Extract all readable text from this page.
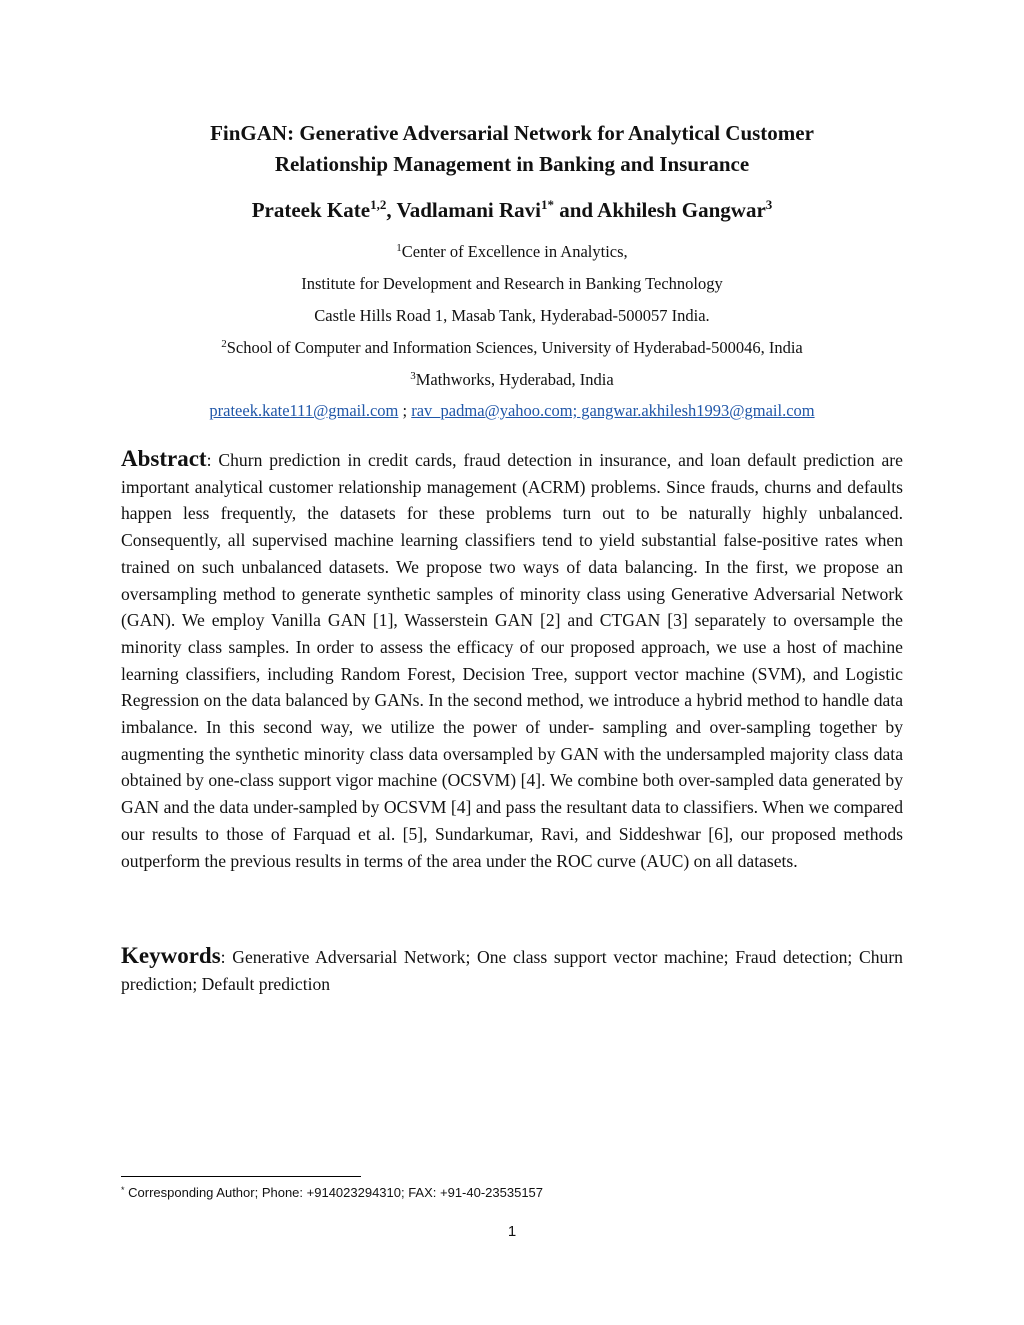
FinGAN: Generative Adversarial Network for Analytical Customer
Relationship Management in Banking and Insurance
Prateek Kate$^{1,2}$, Vadlamani Ravi$^{1*}$ and Akhilesh Gangwar$^3$
$^1$Center of Excellence in Analytics,
Institute for Development and Research in Banking Technology
Castle Hills Road 1, Masab Tank, Hyderabad-500057 India.
$^2$School of Computer and Information Sciences, University of Hyderabad-500046, India
$^3$Mathworks, Hyderabad, India
prateek.kate111@gmail.com ; rav_padma@yahoo.com; gangwar.akhilesh1993@gmail.com
Abstract: Churn prediction in credit cards, fraud detection in insurance, and loan default prediction are important analytical customer relationship management (ACRM) problems. Since frauds, churns and defaults happen less frequently, the datasets for these problems turn out to be naturally highly unbalanced. Consequently, all supervised machine learning classifiers tend to yield substantial false-positive rates when trained on such unbalanced datasets. We propose two ways of data balancing. In the first, we propose an oversampling method to generate synthetic samples of minority class using Generative Adversarial Network (GAN). We employ Vanilla GAN [1], Wasserstein GAN [2] and CTGAN [3] separately to oversample the minority class samples. In order to assess the efficacy of our proposed approach, we use a host of machine learning classifiers, including Random Forest, Decision Tree, support vector machine (SVM), and Logistic Regression on the data balanced by GANs. In the second method, we introduce a hybrid method to handle data imbalance. In this second way, we utilize the power of under- sampling and over-sampling together by augmenting the synthetic minority class data oversampled by GAN with the undersampled majority class data obtained by one-class support vigor machine (OCSVM) [4]. We combine both over-sampled data generated by GAN and the data under-sampled by OCSVM [4] and pass the resultant data to classifiers. When we compared our results to those of Farquad et al. [5], Sundarkumar, Ravi, and Siddeshwar [6], our proposed methods outperform the previous results in terms of the area under the ROC curve (AUC) on all datasets.
Keywords: Generative Adversarial Network; One class support vector machine; Fraud detection; Churn prediction; Default prediction
* Corresponding Author; Phone: +914023294310; FAX: +91-40-23535157
1
